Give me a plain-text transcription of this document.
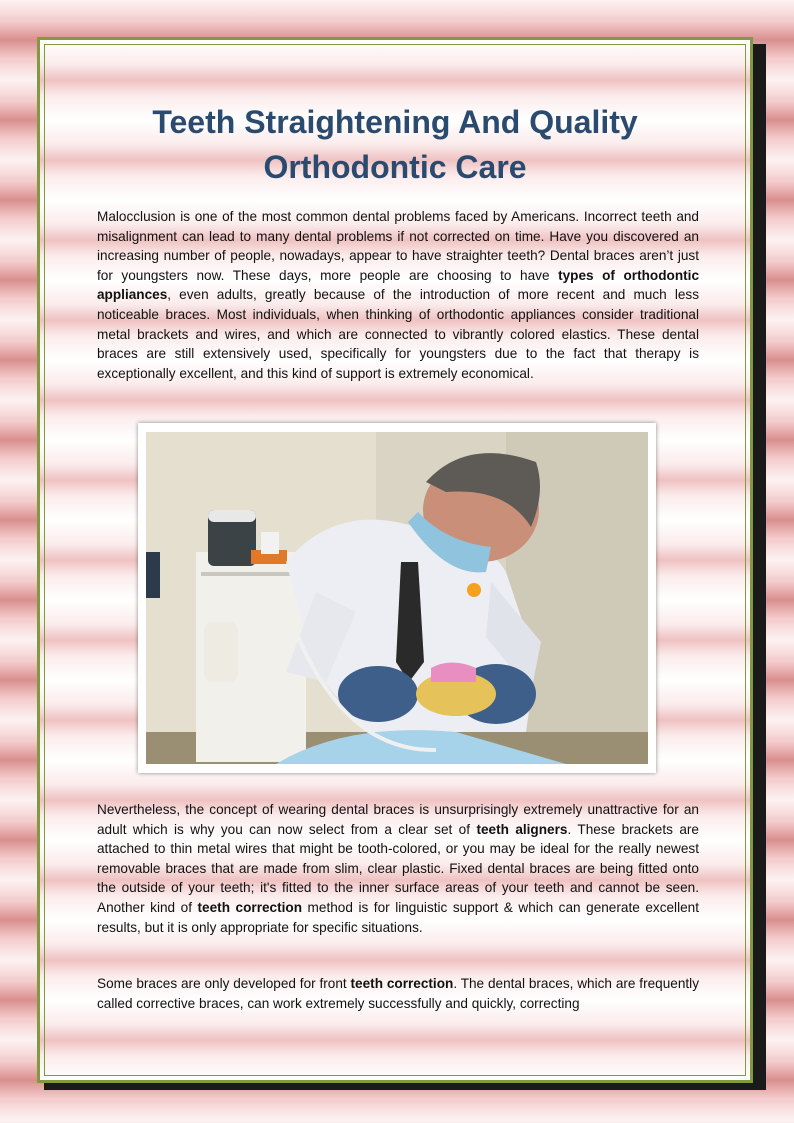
Teeth Straightening And Quality Orthodontic Care

Malocclusion is one of the most common dental problems faced by Americans. Incorrect teeth and misalignment can lead to many dental problems if not corrected on time. Have you discovered an increasing number of people, nowadays, appear to have straighter teeth? Dental braces aren’t just for youngsters now. These days, more people are choosing to have types of orthodontic appliances, even adults, greatly because of the introduction of more recent and much less noticeable braces. Most individuals, when thinking of orthodontic appliances consider traditional metal brackets and wires, and which are connected to vibrantly colored elastics. These dental braces are still extensively used, specifically for youngsters due to the fact that therapy is exceptionally excellent, and this kind of support is extremely economical.

Nevertheless, the concept of wearing dental braces is unsurprisingly extremely unattractive for an adult which is why you can now select from a clear set of teeth aligners. These brackets are attached to thin metal wires that might be tooth-colored, or you may be ideal for the really newest removable braces that are made from slim, clear plastic. Fixed dental braces are being fitted onto the outside of your teeth; it's fitted to the inner surface areas of your teeth and cannot be seen. Another kind of teeth correction method is for linguistic support & which can generate excellent results, but it is only appropriate for specific situations.

Some braces are only developed for front teeth correction. The dental braces, which are frequently called corrective braces, can work extremely successfully and quickly, correcting
